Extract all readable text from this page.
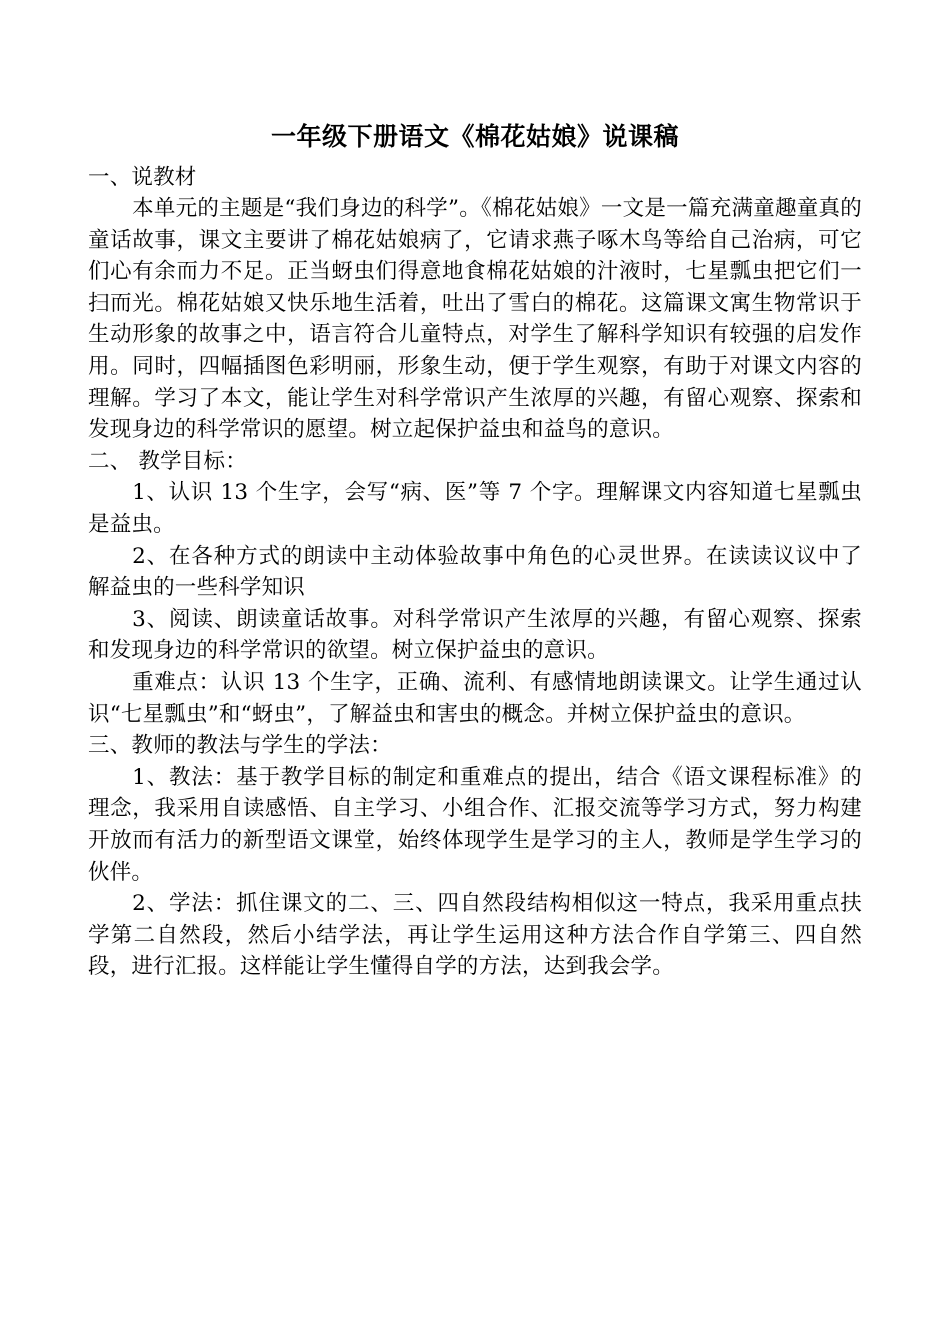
一年级下册语文《棉花姑娘》说课稿

一、说教材

本单元的主题是“我们身边的科学”。《棉花姑娘》一文是一篇充满童趣童真的童话故事，课文主要讲了棉花姑娘病了，它请求燕子啄木鸟等给自己治病，可它们心有余而力不足。正当蚜虫们得意地食棉花姑娘的汁液时，七星瓢虫把它们一扫而光。棉花姑娘又快乐地生活着，吐出了雪白的棉花。这篇课文寓生物常识于生动形象的故事之中，语言符合儿童特点，对学生了解科学知识有较强的启发作用。同时，四幅插图色彩明丽，形象生动，便于学生观察，有助于对课文内容的理解。学习了本文，能让学生对科学常识产生浓厚的兴趣，有留心观察、探索和发现身边的科学常识的愿望。树立起保护益虫和益鸟的意识。

二、 教学目标：

1、认识 13 个生字，会写“病、医”等 7 个字。理解课文内容知道七星瓢虫是益虫。

2、在各种方式的朗读中主动体验故事中角色的心灵世界。在读读议议中了解益虫的一些科学知识

3、阅读、朗读童话故事。对科学常识产生浓厚的兴趣，有留心观察、探索和发现身边的科学常识的欲望。树立保护益虫的意识。

重难点：认识 13 个生字，正确、流利、有感情地朗读课文。让学生通过认识“七星瓢虫”和“蚜虫”，了解益虫和害虫的概念。并树立保护益虫的意识。

三、教师的教法与学生的学法：

1、教法：基于教学目标的制定和重难点的提出，结合《语文课程标准》的理念，我采用自读感悟、自主学习、小组合作、汇报交流等学习方式，努力构建开放而有活力的新型语文课堂，始终体现学生是学习的主人，教师是学生学习的伙伴。

2、学法：抓住课文的二、三、四自然段结构相似这一特点，我采用重点扶学第二自然段，然后小结学法，再让学生运用这种方法合作自学第三、四自然段，进行汇报。这样能让学生懂得自学的方法，达到我会学。
